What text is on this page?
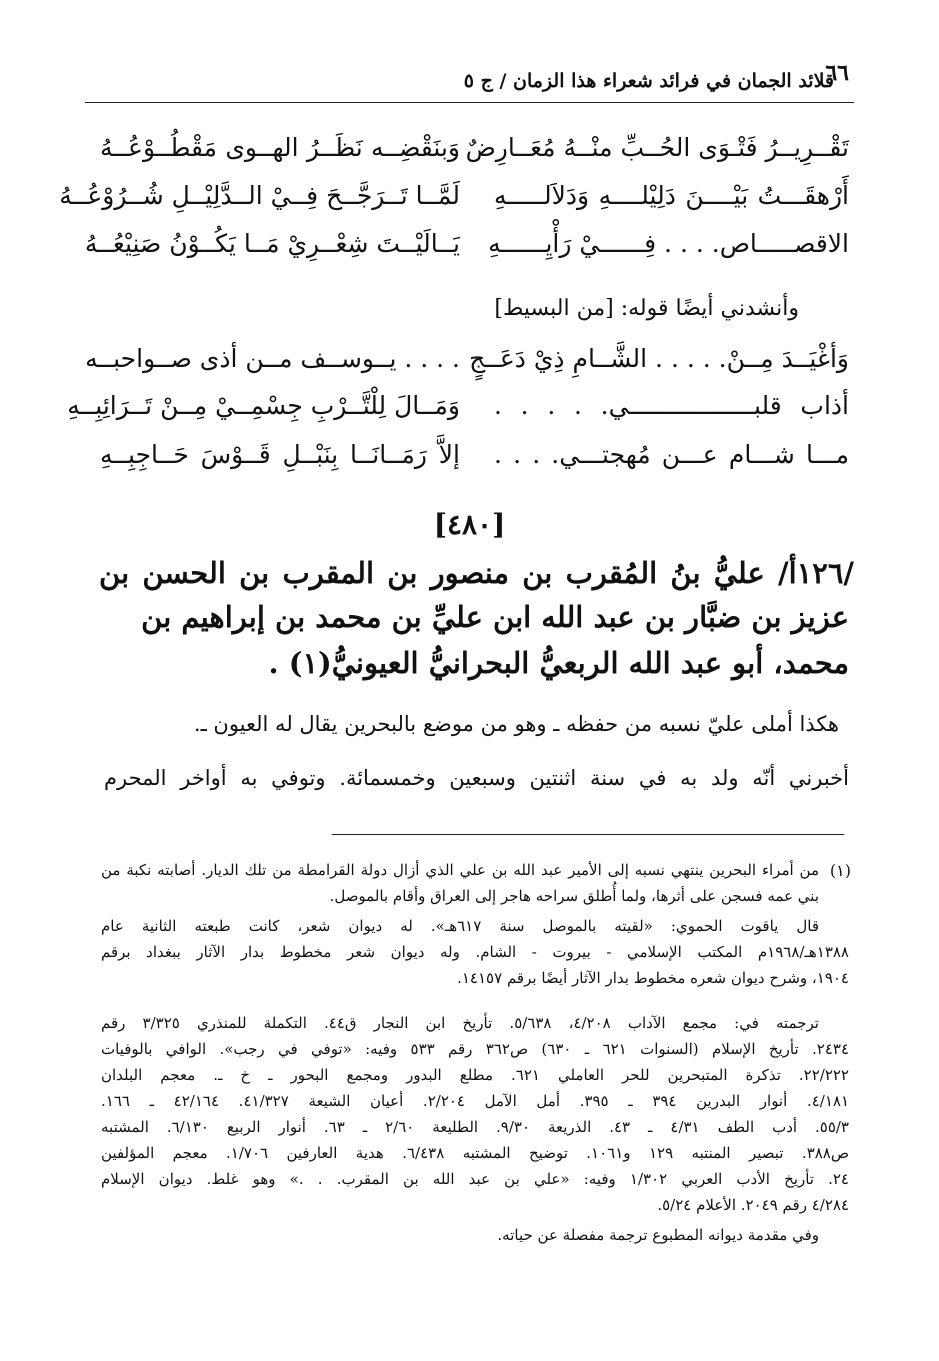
قلائد الجمان في فرائد شعراء هذا الزمان / ج ٥
٦٦
تَقْــرِيــرُ فَتْـوَى الحُــبِّ منْــهُ مُعَــارِضٌ
وَبنَقْضِــه نَظَــرُ الهــوى مَقْطُــوْعُــهُ
أَرْهقَـــتُ بَيْــــنَ دَلِيْلــــهِ وَدَلاَلـــــهِ
لَمَّــا تَــرَجَّــحَ فِــيْ الــدَّلِيْــلِ شُــرُوْعُــهُ
الاقصـــــاص. . . . فِــــــيْ رَأْيِــــــهِ
يَــالَيْــتَ شِعْــرِيْ مَــا يَكُــوْنُ صَنِيْعُــهُ
وأنشدني أيضًا قوله: [من البسيط]
وَأغْيَــدَ مِــنْ. . . . . الشَّــامِ ذِيْ دَعَــجٍ
. . . . يــوســف مــن أذى صــواحبــه
أذاب قلبـــــــــــــــــي. . . . .
وَمَــالَ لِلْتَّــرْبِ جِسْمِــيْ مِــنْ تَــرَائِبِــهِ
مـــا شـــام عـــن مُهجتـــي. . . .
إلاَّ رَمَــانَــا بِنَبْــلِ قَــوْسَ حَــاجِبِــهِ
[٤٨٠]
/١٢٦أ/ عليُّ بنُ المُقرب بن منصور بن المقرب بن الحسن بن
عزيز بن ضبَّار بن عبد الله ابن عليِّ بن محمد بن إبراهيم بن
محمد، أبو عبد الله الربعيُّ البحرانيُّ العيونيُّ(١) .
هكذا أملى عليّ نسبه من حفظه ـ وهو من موضع بالبحرين يقال له العيون ـ.
أخبرني أنّه ولد به في سنة اثنتين وسبعين وخمسمائة. وتوفي به أواخر المحرم
(١)
من أمراء البحرين ينتهي نسبه إلى الأمير عبد الله بن علي الذي أزال دولة القرامطة من تلك الديار. أصابته نكبة من
بني عمه فسجن على أثرها، ولما أُطلق سراحه هاجر إلى العراق وأقام بالموصل.
قال ياقوت الحموي: «لقيته بالموصل سنة ٦١٧هـ». له ديوان شعر، كانت طبعته الثانية عام
١٣٨٨هـ/١٩٦٨م المكتب الإسلامي - بيروت - الشام. وله ديوان شعر مخطوط بدار الآثار ببغداد برقم
١٩٠٤، وشرح ديوان شعره مخطوط بدار الآثار أيضًا برقم ١٤١٥٧.
ترجمته في: مجمع الآداب ٤/٢٠٨، ٥/٦٣٨. تأريخ ابن النجار ق٤٤. التكملة للمنذري ٣/٣٢٥ رقم
٢٤٣٤. تأريخ الإسلام (السنوات ٦٢١ ـ ٦٣٠) ص٣٦٢ رقم ٥٣٣ وفيه: «توفي في رجب». الوافي بالوفيات
٢٢/٢٢٢. تذكرة المتبحرين للحر العاملي ٦٢١. مطلع البدور ومجمع البحور ـ خ ـ. معجم البلدان
٤/١٨١. أنوار البدرين ٣٩٤ ـ ٣٩٥. أمل الآمل ٢/٢٠٤. أعيان الشيعة ٤١/٣٢٧. ٤٢/١٦٤ ـ ١٦٦.
٥٥/٣. أدب الطف ٤/٣١ ـ ٤٣. الذريعة ٩/٣٠. الطليعة ٢/٦٠ ـ ٦٣. أنوار الربيع ٦/١٣٠. المشتبه
ص٣٨٨. تبصير المنتبه ١٢٩ و١٠٦١. توضيح المشتبه ٦/٤٣٨. هدية العارفين ١/٧٠٦. معجم المؤلفين
٢٤. تأريخ الأدب العربي ١/٣٠٢ وفيه: «علي بن عبد الله بن المقرب. . .» وهو غلط. ديوان الإسلام
٤/٢٨٤ رقم ٢٠٤٩. الأعلام ٥/٢٤.
وفي مقدمة ديوانه المطبوع ترجمة مفصلة عن حياته.
